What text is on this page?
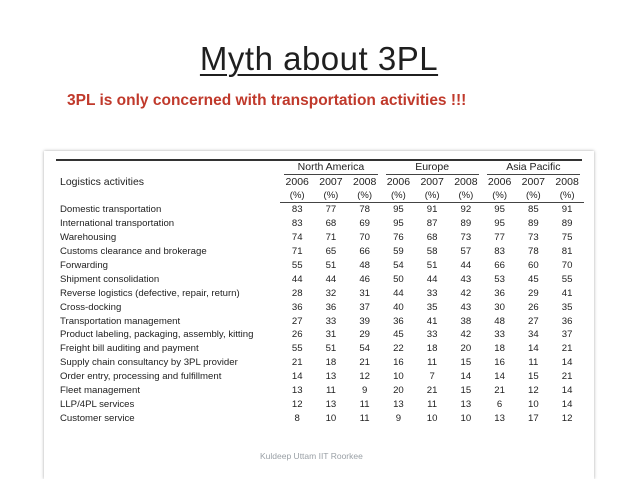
Myth about 3PL
3PL is only concerned with transportation activities !!!
Logistics activities	North America			Europe			Asia Pacific		

	2006	2007	2008	2006	2007	2008	2006	2007	2008
	(%)	(%)	(%)	(%)	(%)	(%)	(%)	(%)	(%)
Domestic transportation	83	77	78	95	91	92	95	85	91
International transportation	83	68	69	95	87	89	95	89	89
Warehousing	74	71	70	76	68	73	77	73	75
Customs clearance and brokerage	71	65	66	59	58	57	83	78	81
Forwarding	55	51	48	54	51	44	66	60	70
Shipment consolidation	44	44	46	50	44	43	53	45	55
Reverse logistics (defective, repair, return)	28	32	31	44	33	42	36	29	41
Cross-docking	36	36	37	40	35	43	30	26	35
Transportation management	27	33	39	36	41	38	48	27	36
Product labeling, packaging, assembly, kitting	26	31	29	45	33	42	33	34	37
Freight bill auditing and payment	55	51	54	22	18	20	18	14	21
Supply chain consultancy by 3PL provider	21	18	21	16	11	15	16	11	14
Order entry, processing and fulfillment	14	13	12	10	7	14	14	15	21
Fleet management	13	11	9	20	21	15	21	12	14
LLP/4PL services	12	13	11	13	11	13	6	10	14
Customer service	8	10	11	9	10	10	13	17	12
Kuldeep Uttam IIT Roorkee
